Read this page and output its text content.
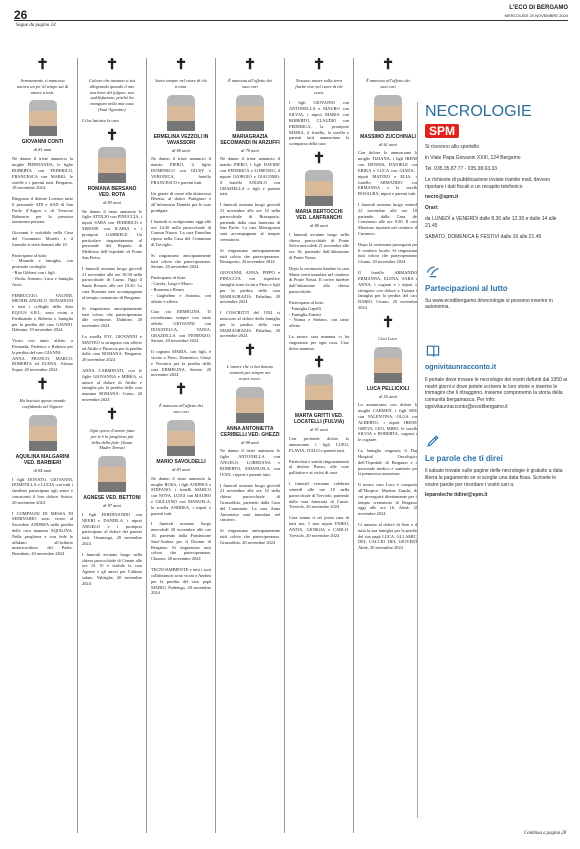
26	L'ECO DI BERGAMO
MERCOLEDÌ 20 NOVEMBRE 2024
Segue da pagina 24
✝
Serenamente, ti mancava ancora un po’ di tempo sai di amore a tutti.
GIOVANNI CONTI
di 81 anni
Ne danno il triste annuncio la moglie PIERNANDA, le figlie ROBERTA con FEDERICO, FRANCESCA con MARIO, le sorelle e i parenti tutti. Bergamo, 18 novembre 2024.
Ringrazio il dottore Lorenzo tutto il personale ADI e SAD di San Paolo d’Argon e di Trescore Balneario per la preziosa assistenza prestata.
Giovanni è visitabile nella Casa del Commiato Moretti e il funerale si terrà domani alle 10.
Partecipano al lutto:
- Miranda e famiglia, con profondo cordoglio
- Rita Gibbesi con i figli
- Paola, Antonio, Luca e famiglia Arsio
FERRUCCIO, VALTER, MICHELANGELO DONADONI e tutti i colleghi della ditta EQUUS S.R.L. sono vicini a Ferdinando e Roberta e famiglia per la perdita del caro GIANNI. Dalmine, 19 novembre 2024.
Vicini con tanto affetto a Fernanda, Federico e Roberta per la perdita del caro GIANNI.
ANNA, FRANCO, MARCO, ROBERTA ed ELENA. Alzano Sopra, 20 novembre 2024
✝
Ha lasciato questo mondo confidando nel Signore
AQUILINA MALGARINI VED. BARBIERI
di 84 anni
I figli DONATO, GIOVANNI, DOMITILLA e LUCIA con tutti i familiari partecipano agli amici e conoscenti il loro dolore. Suisio, 20 novembre 2024
I COMPAGNI DI MESSA DI SEMINARIO sono vicini al Sacerdote ANDREA nella perdita della cara mamma AQUILINA. Nella preghiera e con fede le affidano all’infinito misericordioso del Padre. Brembate, 20 novembre 2024
✝
Cultore che anziana si sta allegrando quando il mio non bene del fulgore, non soddisfazione, poiché ha mangiato nella mia casa (Sant’Agostino)
Ci ha lasciato la cara
✝
ROMANA BERSANO VED. ROTA
di 83 anni
Ne danno il triste annuncio le figlie ATTILIO con PINUCCIA, i nipoti SARA con FEDERICO e SIMONE con ILARIA e i pronipoti GABRIELE. Un particolare ringraziamento al personale del Reparto di Medicina dell’ospedale di Ponte San Pietro.
I funerali avranno luogo giovedì 21 novembre alle ore 10:30 nella parrocchiale di Curno. Oggi il Santo Rosario alle ore 19:30. La cara Romana sarà accompagnata al tempio crematorio di Bergamo.
Si ringraziano anticipatamente tutti coloro che parteciperanno alle cerimonie. Dalmine, 20 novembre 2024
La sorella EVI, GIOVANNI e MATTEO si stringono con affetto ad Attilio e Pinuccia per la perdita della cara ROMANA. Bergamo, 20 novembre 2024
ANNA CARMINATI, con le figlie GIOVANNA e MIRKA, si unisce al dolore di Attilio e famiglia per la perdita della cara mamma ROMANA. Curno, 20 novembre 2024
✝
Ogni opera d’amore fatta per te è la preghiera più bella della fede. (Santa Madre Teresa)
AGNESE VED. BETTONI
di 87 anni
I figli FERDINANDO con NEERI e DANIELA, i nipoti ANGELO e i pronipoti partecipano al dolore dei parenti tutti. Ossanesga, 20 novembre 2024
I funerali avranno luogo nella chiesa parrocchiale di Cenate alle ore 15. Vi è visibile la cara Agnese e gli amici per l’ultimo saluto. Valtrighe, 20 novembre 2024
✝
Sarai sempre nel cuore di chi ti ama.
ERMELINA VEZZOLI IN VAVASSORI
di 80 anni
Ne danno il triste annuncio il marito PIERO, il figlio DOMENICO con GIUSY e VERONICA, fratello FRANCESCO e parenti tutti.
Un grazie di cuore alla dottoressa Beretta, al dottor Pattigiuro e all’infermiera Daniela per le cure prodigate.
I funerali si svolgeranno oggi alle ore 14:30 nella parrocchiale di Comun Nuovo. La cara Ermelina riposa nella Casa del Commiato di Treviglio.
Si ringraziano anticipatamente tutti coloro che parteciperanno. Seriate, 20 novembre 2024
Partecipano al lutto:
- Carola, Luigi e Marco
- Rosanna e Renzo
- Guglielmo e Antonia, con affetto e affetto
Ciao zia ERMELINA. Ti ricorderemo sempre con tanto affetto. GIOVANNI con DONATELLA, TANIA, GRAZIELLA con FIORENZO. Seriate, 20 novembre 2024
Il cognato MARIA, con figli, è vicino a Piero, Domenico, Giusy e Veronica per la perdita della cara ERMELINA. Seriate, 20 novembre 2024
✝
È mancato all’affetto dei suoi cari
MARIO SAVOLDELLI
di 83 anni
Ne danno il triste annuncio la moglie ROSA, i figli ANDREA e STEFANO, i fratelli MARCO con NOVA, LUIGI con MAURO e GIULIANO con MANUELA, la sorella ANDREA, i nipoti e parenti tutti.
I funerali avranno luogo mercoledì 20 novembre alle ore 10, partendo dalla Fondazione Sant’Andrea per il Duomo di Bergamo. Si ringraziano tutti coloro che parteciperanno. Clusone, 20 novembre 2024
TECNOAMBIENTE e tutti i suoi collaboratori sono vicini a Andrea per la perdita del caro papà MARIO. Pedrengo, 20 novembre 2024
✝
È mancata all’affetto dei suoi cari
MARIAGRAZIA SECOMANDI IN ARZUFFI
di 70 anni
Ne danno il triste annuncio il marito PIERO, i figli DAVIDE con FEDERICA e LORENZO, il nipote GIORGIO e GIACOMO, il fratello ANGELO con GRAZIELLA e figli e parenti tutti.
I funerali avranno luogo giovedì 21 novembre alle ore 10 nella parrocchiale di Brusaporto, partendo dalla casa funeraria di San Paolo. La cara Mariagrazia sarà accompagnata al tempio crematorio.
Si ringraziano anticipatamente tutti coloro che parteciperanno. Brusaporto, 20 novembre 2024
GIOVANNI, ANNA, PIPPO e PINUCCIA con rispettive famiglie sono vicini a Piero e figli per la perdita della cara MARIAGRAZIA. Paladina, 20 novembre 2024
I COSCRITTI del 1954 si uniscono al dolore della famiglia per la perdita della cara MARIAGRAZIA. Paladina, 20 novembre 2024
✝
L’amore che ci hai donato rimarrà per sempre nei nostri cuori.
ANNA ANTONIETTA CERIBELLI VED. GHEZZI
di 88 anni
Ne danno il triste annuncio le figlie ANTONELLA con ANGELO, LOREDANA e ROBERTO, EMANUELA con IVAN, i nipoti e parenti tutti.
I funerali avranno luogo giovedì 21 novembre alle ore 10 nella chiesa parrocchiale di Grassobbio, partendo dalla Casa del Commiato. La cara Anna Antonietta sarà tumulata nel cimitero.
Si ringraziano anticipatamente tutti coloro che parteciperanno. Grassobbio, 20 novembre 2024
✝
Nessuno muore sulla terra finché vive nel cuore di chi resta.
I figli GIOVANNI con ANTONELLA e MAURO con SILVIA, i nipoti MARIA con ROBERTO, CLAUDIO con FEDERICA, la pronipote MARIA, il fratello, la sorella e parenti tutti annunciano la scomparsa della cara
✝
MARIA BERTOCCHI VED. LANFRANCHI
di 86 anni
I funerali avranno luogo nella chiesa parrocchiale di Ponte Selva mercoledì 21 novembre alle ore 10, partendo dall’abitazione di Ponte Nossa.
Dopo la cerimonia funebre la cara Maria verrà tumulata nel cimitero di Ponte Nossa. Il corteo funebre dall’abitazione alla chiesa parrocchiale.
Partecipano al lutto:
- Famiglia Capelli
- Famiglia Zanotti
- Nonna e Stefano, con tanto affetto
La nostra cara mamma ci ha ringraziato per ogni cosa. Ciao dolce mamma.
✝
MARTA GRITTI VED. LOCATELLI (FULVIA)
di 91 anni
Con profondo dolore lo annunciano i figli LUIGI, FLAVIA, ITALO e parenti tutti.
Particolari e sentiti ringraziamenti al dottore Russo, alle cure palliative e ai vicini di casa.
I funerali verranno celebrati venerdì alle ore 10 nella parrocchiale di Treviolo, partendo dalla casa funeraria di Curno. Treviolo, 20 novembre 2024
Cara nonna ti sei presa cura di tutti noi. I tuoi nipoti FABIO, ANITA, GIORGIA e CARLO. Treviolo, 20 novembre 2024
✝
È mancato all’affetto dei suoi cari
MASSIMO ZUCCHINALI
di 61 anni
Con dolore lo annunciano la moglie TIZIANA, i figli IRENE con DENNIS, DANIELE con ERIKA e LUCA con GIADA, i nipoti MATTEO e ELIA, il fratello ARMANDO con ERMANNA e la sorella ROSALBA, nipoti e parenti tutti.
I funerali avranno luogo venerdì 22 novembre alle ore 10, partendo dalla Casa del Commiato alle ore 9:30. Il caro Massimo riposerà nel cimitero di Curnasco.
Dopo la cerimonia proseguirà per il cimitero locale. Si ringraziano tutti coloro che parteciperanno. Cisano, 20 novembre 2024
Il fratello ARMANDO, ERMANNA, ELENA, SARA e ANNA, i cognati e i nipoti si stringono con dolore a Tiziana e famiglia per la perdita del caro DARIO. Cisano, 20 novembre 2024
✝
Ciao Luca.
LUCA PELLICIOLI
di 55 anni
Lo annunciano con dolore la moglie CARMEN, i figli SEM con VALENTINA, OLGA con ALBERTO, i nipoti IRENE, GRETA, LEO, MIRO, le sorelle SILVIA e ROBERTA, cognati e le cognate.
La famiglia ringrazia il Day Hospital Oncologico dell’Ospedale di Bergamo e il personale medico e sanitario per la premurosa assistenza.
Il nostro caro Luca è composto all’Hospice. Martino Zanchi, da cui proseguirà direttamente per il tempio crematorio di Bergamo oggi alle ore 16. Almè, 20 novembre 2024
Ci uniamo al dolore di Sem e di tutta la sua famiglia per la perdita del suo papà LUCA. GLI AMICI DEL CALCIO DEL GIOVEDÌ. Almè, 20 novembre 2024
NECROLOGIE
SPM

Si ricevono allo sportello

in Viale Papa Giovanni XXIII, 124 Bergamo

Tel. 035.35.87.77 - 035.38.63.33

Le richieste di pubblicazione inviate tramite mail, devono riportare i dati fiscali e un recapito telefonico

necro@spm.it

Orari:

da LUNEDÌ a VENERDÌ dalle 8.30 alle 12.30 e dalle 14 alle 21.45

SABATO, DOMENICA E FESTIVI dalle 16 alle 21.45

Partecipazioni al lutto

Su www.ecodibergamo.it/necrologie si possono inserire in autonomia.

ognivitaunracconto.it

Il portale dove trovare le necrologie dei nostri defunti dal 1950 ai nostri giorni e dove potete scrivere le loro storie e inserire le immagini che li ritraggono. Insieme comporremo la storia della comunità bergamasca. Per info: ognivitaunracconto@ecodibergamo.it

Le parole che ti direi

Il sabato trovate sulle pagine delle necrologie è gratuito a data libera la pagamento se si sceglie una data fissa. Scrivete le vostre parole per ricordare i vostri cari a:

leparoleche tidirei@spm.it

Continua a pagina 28
